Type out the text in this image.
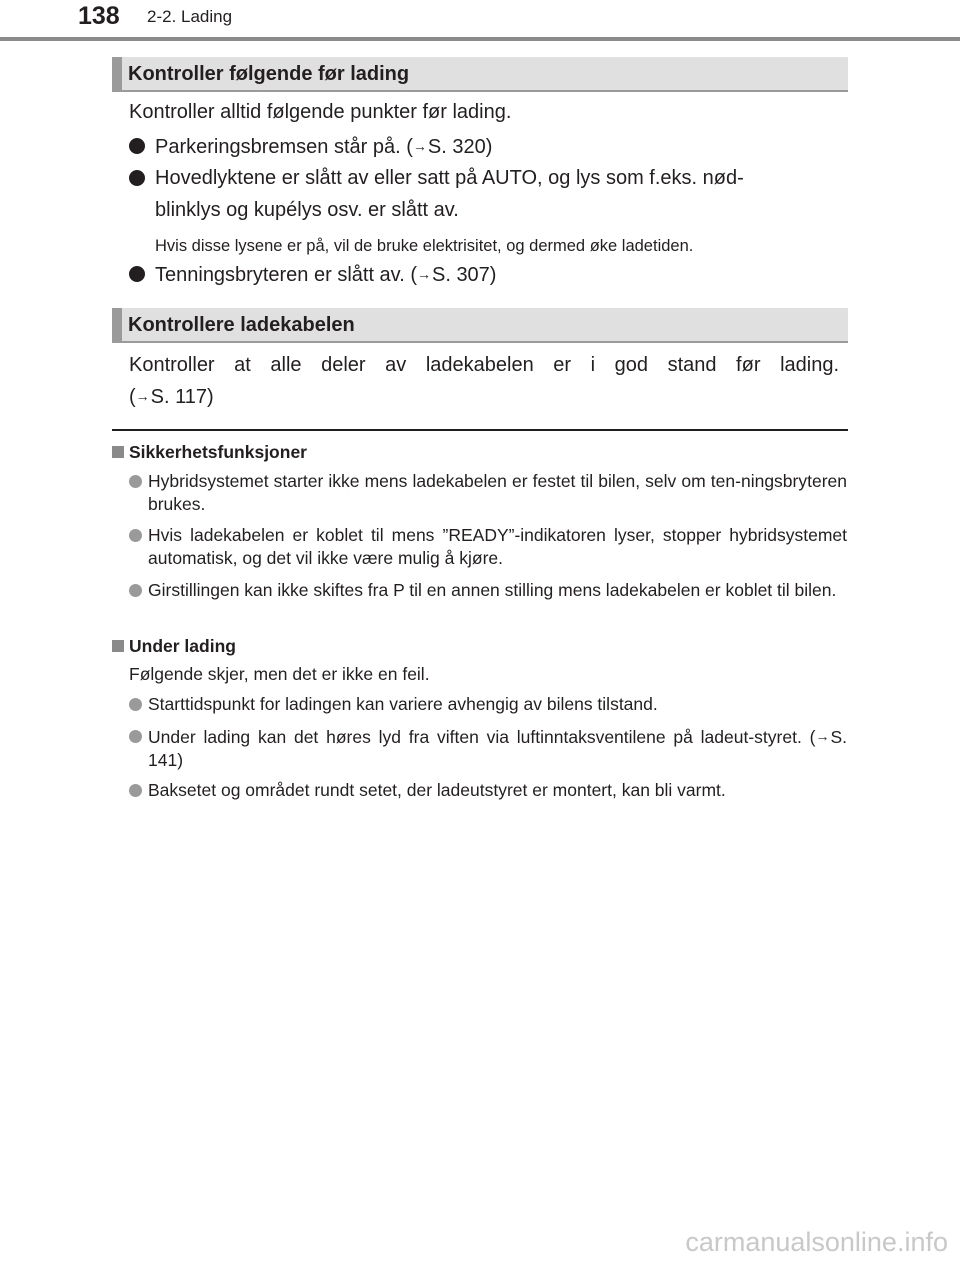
138 2-2. Lading
Kontroller følgende før lading
Kontroller alltid følgende punkter før lading.
Parkeringsbremsen står på. (→S. 320)
Hovedlyktene er slått av eller satt på AUTO, og lys som f.eks. nød-
blinklys og kupélys osv. er slått av.
Hvis disse lysene er på, vil de bruke elektrisitet, og dermed øke ladetiden.
Tenningsbryteren er slått av. (→S. 307)
Kontrollere ladekabelen
Kontroller at alle deler av ladekabelen er i god stand før lading.
(→S. 117)
Sikkerhetsfunksjoner
Hybridsystemet starter ikke mens ladekabelen er festet til bilen, selv om ten-ningsbryteren brukes.
Hvis ladekabelen er koblet til mens ”READY”-indikatoren lyser, stopper hybridsystemet automatisk, og det vil ikke være mulig å kjøre.
Girstillingen kan ikke skiftes fra P til en annen stilling mens ladekabelen er koblet til bilen.
Under lading
Følgende skjer, men det er ikke en feil.
Starttidspunkt for ladingen kan variere avhengig av bilens tilstand.
Under lading kan det høres lyd fra viften via luftinntaksventilene på ladeut-styret. (→S. 141)
Baksetet og området rundt setet, der ladeutstyret er montert, kan bli varmt.
carmanualsonline.info
